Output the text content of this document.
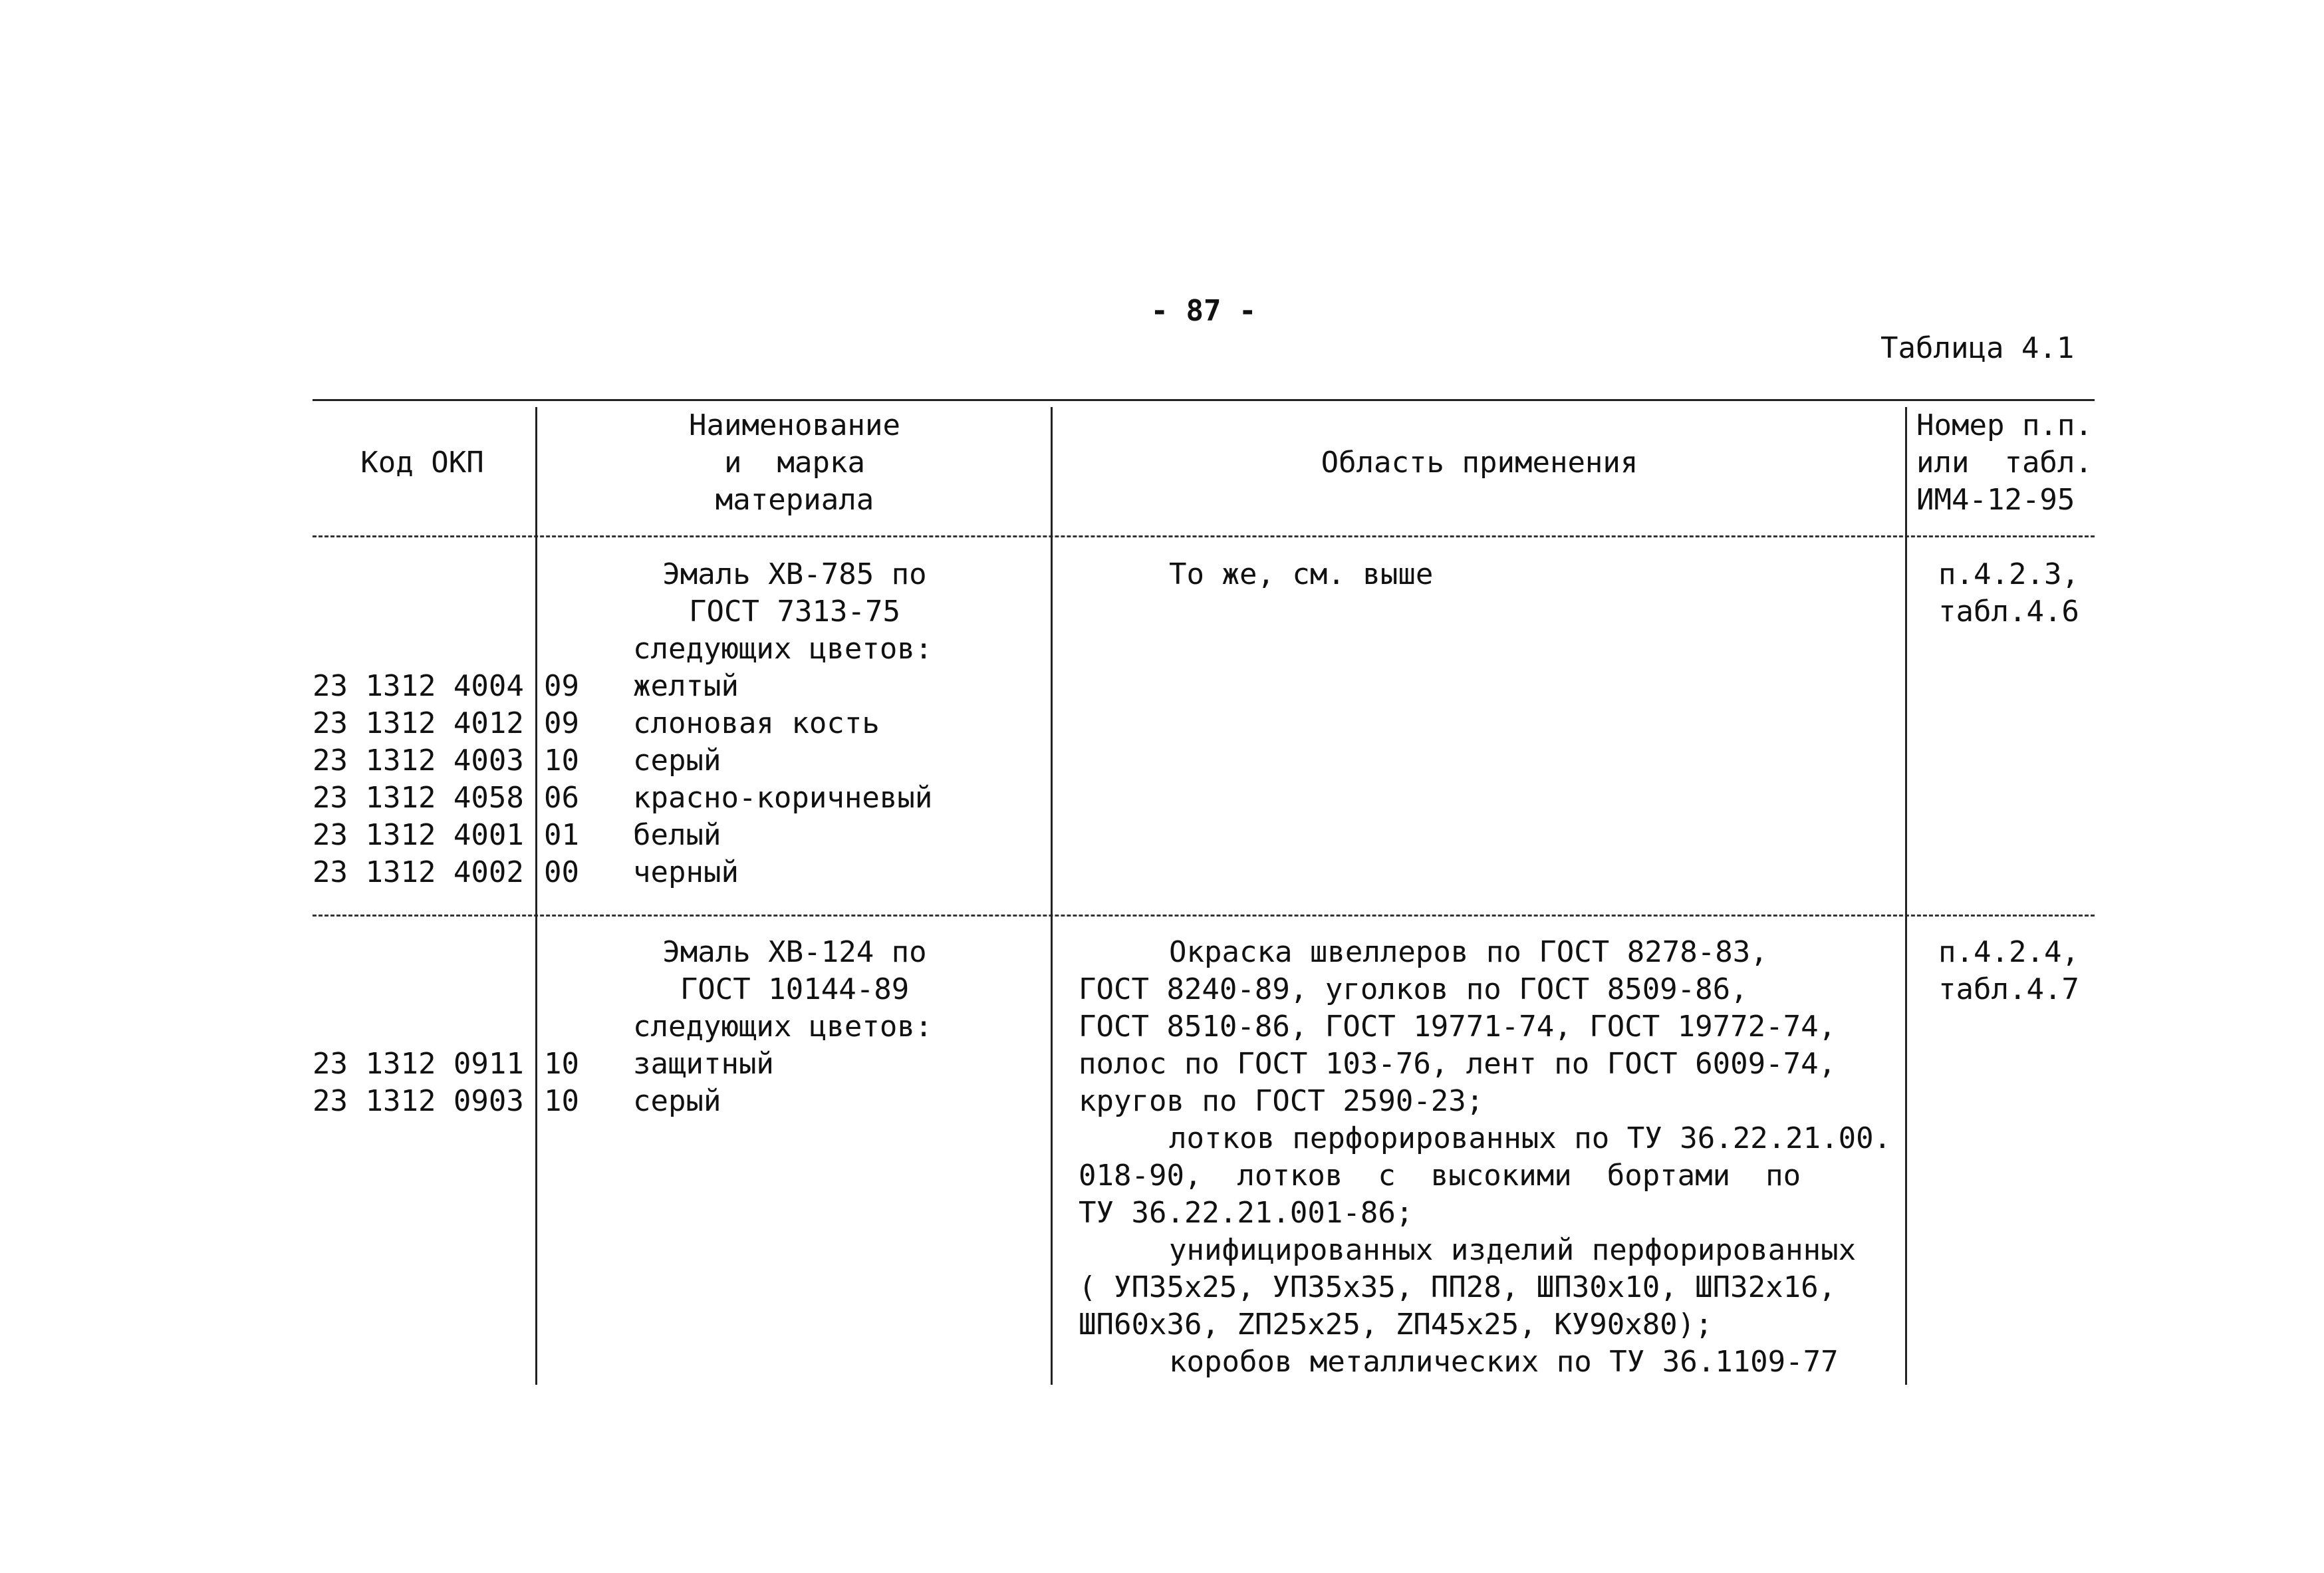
- 87 -
Таблица 4.1
Код ОКП
Наименование
и  марка
материала
Область применения
Номер п.п.
или  табл.
ИМ4-12-95
Эмаль ХВ-785 по
ГОСТ 7313-75
следующих цветов:
23 1312 4004 09 желтый
23 1312 4012 09 слоновая кость
23 1312 4003 10 серый
23 1312 4058 06 красно-коричневый
23 1312 4001 01 белый
23 1312 4002 00 черный
То же, см. выше	п.4.2.3,
табл.4.6
Эмаль ХВ-124 по
ГОСТ 10144-89
следующих цветов:
23 1312 0911 10 защитный
23 1312 0903 10 серый
Окраска швеллеров по ГОСТ 8278-83,
ГОСТ 8240-89, уголков по ГОСТ 8509-86,
ГОСТ 8510-86, ГОСТ 19771-74, ГОСТ 19772-74,
полос по ГОСТ 103-76, лент по ГОСТ 6009-74,
кругов по ГОСТ 2590-23;
лотков перфорированных по ТУ 36.22.21.00.
018-90,  лотков  с  высокими  бортами  по
ТУ 36.22.21.001-86;
унифицированных изделий перфорированных
( УП35х25, УП35х35, ПП28, ШП30х10, ШП32х16,
ШП60х36, ZП25х25, ZП45х25, КУ90х80);
коробов металлических по ТУ 36.1109-77
п.4.2.4,
табл.4.7
